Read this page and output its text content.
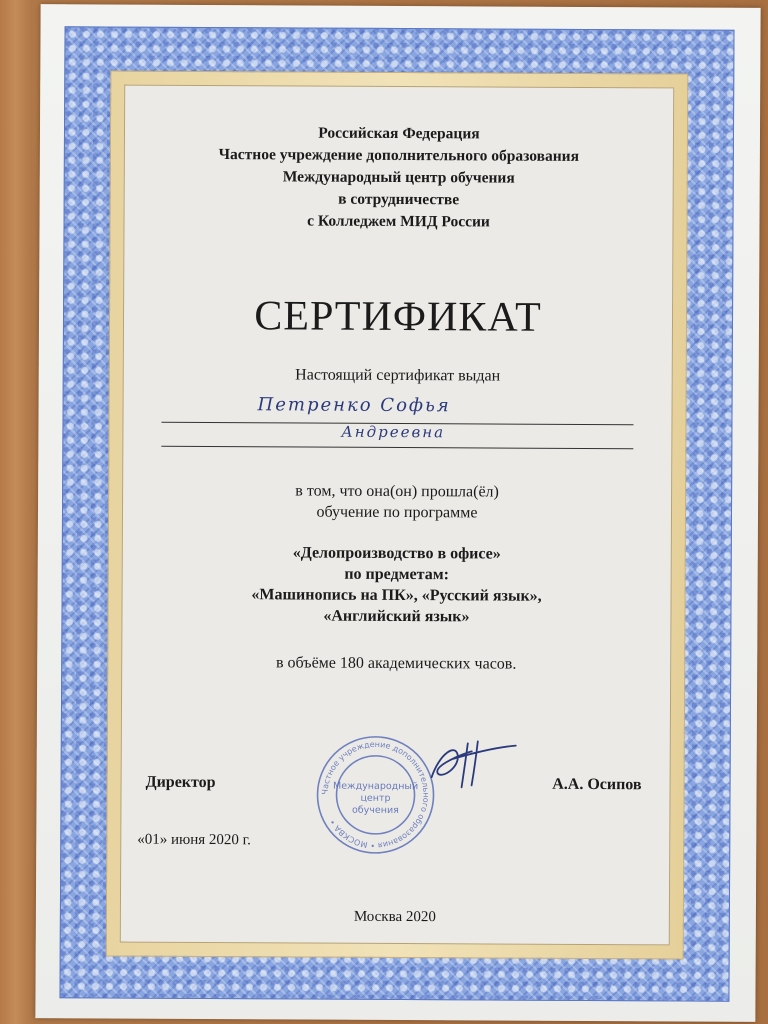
Российская Федерация
Частное учреждение дополнительного образования
Международный центр обучения
в сотрудничестве
с Колледжем МИД России
СЕРТИФИКАТ
Настоящий сертификат выдан
Петренко Софья
Андреевна
в том, что она(он) прошла(ёл)
обучение по программе
«Делопроизводство в офисе»
по предметам:
«Машинопись на ПК», «Русский язык»,
«Английский язык»
в объёме 180 академических часов.
Директор	А.А. Осипов
«01» июня 2020 г.
Москва 2020
Частное учреждение дополнительного образования • МОСКВА •
Международный
центр
обучения
